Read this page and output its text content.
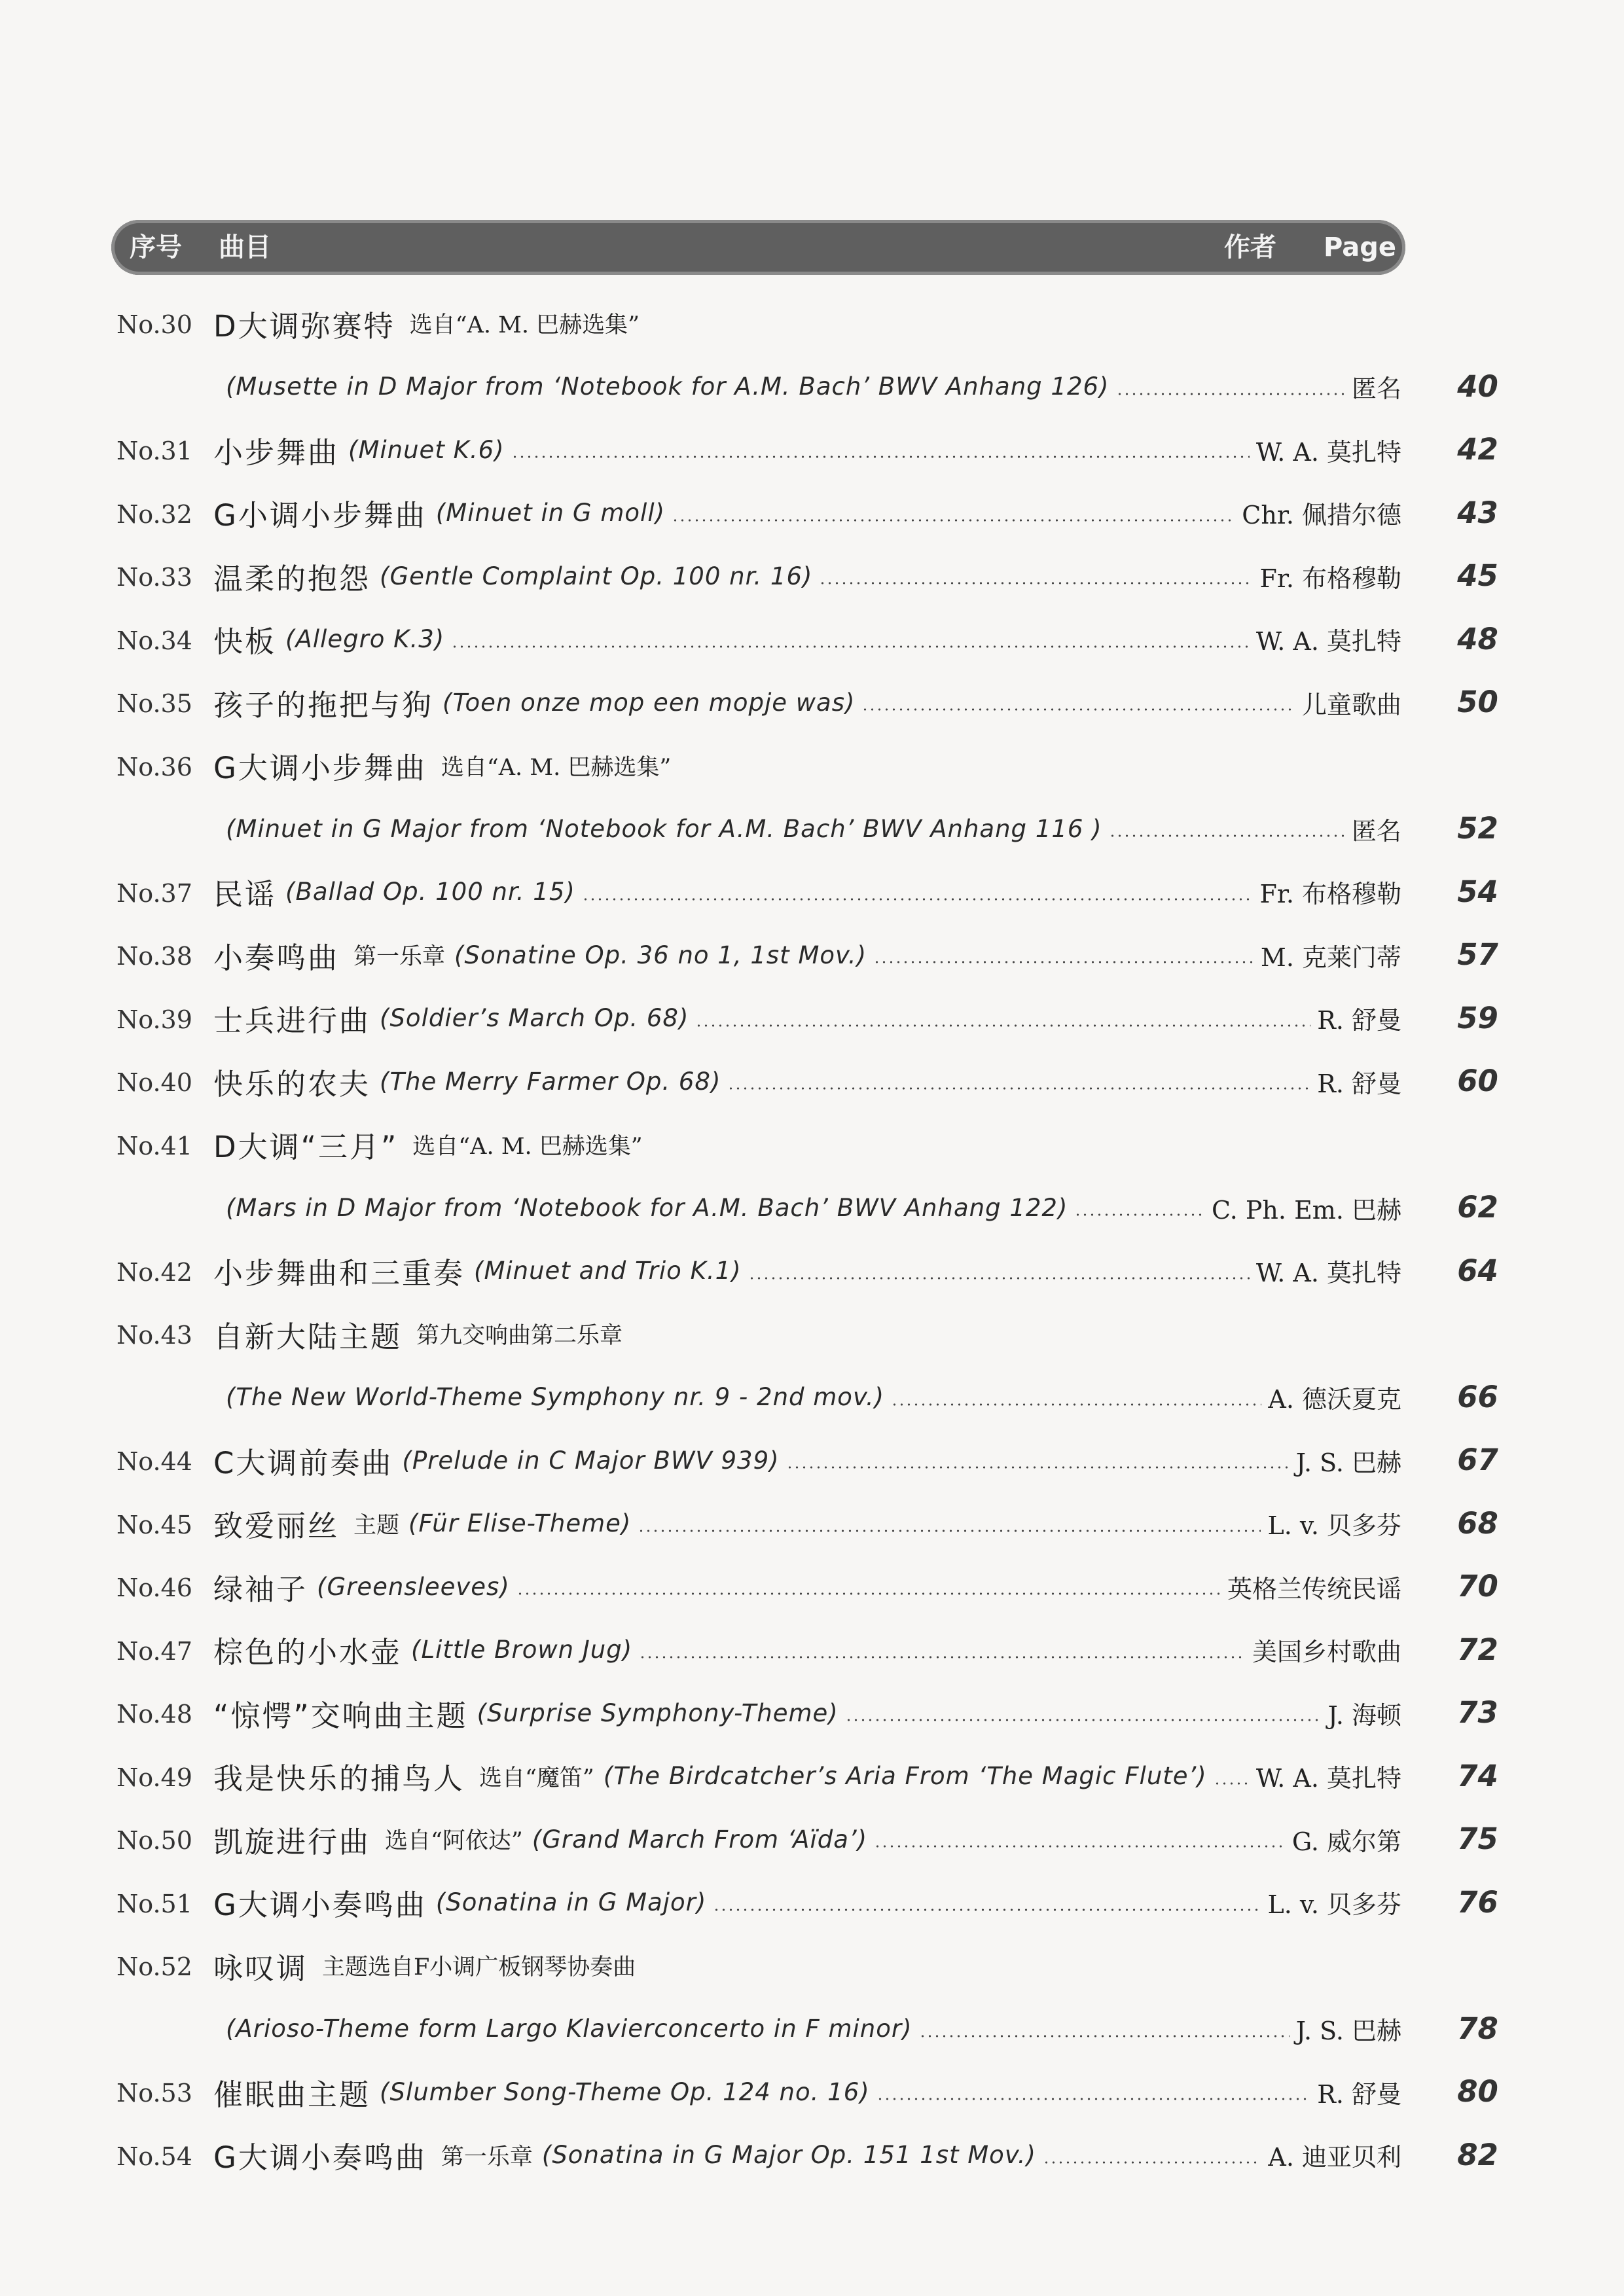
序号 曲目	作者 Page
No.30 D大调弥赛特 选自“A. M. 巴赫选集”
(Musette in D Major from ‘Notebook for A.M. Bach’ BWV Anhang 126)	匿名	40
No.31 小步舞曲 (Minuet K.6)	W. A. 莫扎特	42
No.32 G小调小步舞曲 (Minuet in G moll)	Chr. 佩措尔德	43
No.33 温柔的抱怨 (Gentle Complaint Op. 100 nr. 16)	Fr. 布格穆勒	45
No.34 快板 (Allegro K.3)	W. A. 莫扎特	48
No.35 孩子的拖把与狗 (Toen onze mop een mopje was)	儿童歌曲	50
No.36 G大调小步舞曲 选自“A. M. 巴赫选集”
(Minuet in G Major from ‘Notebook for A.M. Bach’ BWV Anhang 116 )	匿名	52
No.37 民谣 (Ballad Op. 100 nr. 15)	Fr. 布格穆勒	54
No.38 小奏鸣曲 第一乐章 (Sonatine Op. 36 no 1, 1st Mov.)	M. 克莱门蒂	57
No.39 士兵进行曲 (Soldier’s March Op. 68)	R. 舒曼	59
No.40 快乐的农夫 (The Merry Farmer Op. 68)	R. 舒曼	60
No.41 D大调“三月” 选自“A. M. 巴赫选集”
(Mars in D Major from ‘Notebook for A.M. Bach’ BWV Anhang 122)	C. Ph. Em. 巴赫	62
No.42 小步舞曲和三重奏 (Minuet and Trio K.1)	W. A. 莫扎特	64
No.43 自新大陆主题 第九交响曲第二乐章
(The New World-Theme Symphony nr. 9 - 2nd mov.)	A. 德沃夏克	66
No.44 C大调前奏曲 (Prelude in C Major BWV 939)	J. S. 巴赫	67
No.45 致爱丽丝 主题 (Für Elise-Theme)	L. v. 贝多芬	68
No.46 绿袖子 (Greensleeves)	英格兰传统民谣	70
No.47 棕色的小水壶 (Little Brown Jug)	美国乡村歌曲	72
No.48 “惊愕”交响曲主题 (Surprise Symphony-Theme)	J. 海顿	73
No.49 我是快乐的捕鸟人 选自“魔笛” (The Birdcatcher’s Aria From ‘The Magic Flute’) W. A. 莫扎特	74
No.50 凯旋进行曲 选自“阿依达” (Grand March From ‘Aïda’)	G. 威尔第	75
No.51 G大调小奏鸣曲 (Sonatina in G Major)	L. v. 贝多芬	76
No.52 咏叹调 主题选自F小调广板钢琴协奏曲
(Arioso-Theme form Largo Klavierconcerto in F minor)	J. S. 巴赫	78
No.53 催眠曲主题 (Slumber Song-Theme Op. 124 no. 16)	R. 舒曼	80
No.54 G大调小奏鸣曲 第一乐章 (Sonatina in G Major Op. 151 1st Mov.)	A. 迪亚贝利	82
